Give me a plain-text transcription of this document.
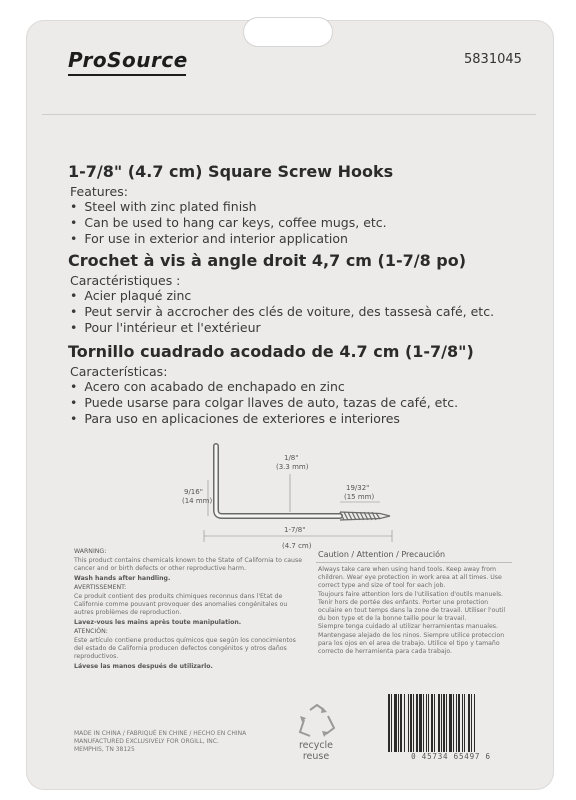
ProSource	5831045
1-7/8" (4.7 cm) Square Screw Hooks
Features:
• Steel with zinc plated finish
• Can be used to hang car keys, coffee mugs, etc.
• For use in exterior and interior application
Crochet à vis à angle droit 4,7 cm (1-7/8 po)
Caractéristiques :
• Acier plaqué zinc
• Peut servir à accrocher des clés de voiture, des tassesà café, etc.
• Pour l'intérieur et l'extérieur
Tornillo cuadrado acodado de 4.7 cm (1-7/8")
Características:
• Acero con acabado de enchapado en zinc
• Puede usarse para colgar llaves de auto, tazas de café, etc.
• Para uso en aplicaciones de exteriores e interiores
9/16"
(14 mm)
1/8"
(3.3 mm)
19/32"
(15 mm)
1-7/8"
(4.7 cm)

WARNING:

This product contains chemicals known to the State of California to cause cancer and or birth defects or other reproductive harm.

Wash hands after handling.

AVERTISSEMENT:

Ce produit contient des produits chimiques reconnus dans l'Etat de Californie comme pouvant provoquer des anomalies congénitales ou autres problèmes de reproduction.

Lavez-vous les mains après toute manipulation.

ATENCIÓN:

Este artículo contiene productos químicos que según los conocimientos del estado de California producen defectos congénitos y otros daños reproductivos.

Lávese las manos después de utilizarlo.

Caution / Attention / Precaución

Always take care when using hand tools. Keep away from children. Wear eye protection in work area at all times. Use correct type and size of tool for each job.

Toujours faire attention lors de l'utilisation d'outils manuels. Tenir hors de portée des enfants. Porter une protection oculaire en tout temps dans la zone de travail. Utiliser l'outil du bon type et de la bonne taille pour le travail.

Siempre tenga cuidado al utilizar herramientas manuales. Mantengase alejado de los ninos. Siempre utilice proteccion para los ojos en el area de trabajo. Utilice el tipo y tamaño correcto de herramienta para cada trabajo.

MADE IN CHINA / FABRIQUÉ EN CHINE / HECHO EN CHINA
MANUFACTURED EXCLUSIVELY FOR ORGILL, INC.
MEMPHIS, TN 38125	recycle
reuse	0 45734 65497 6
